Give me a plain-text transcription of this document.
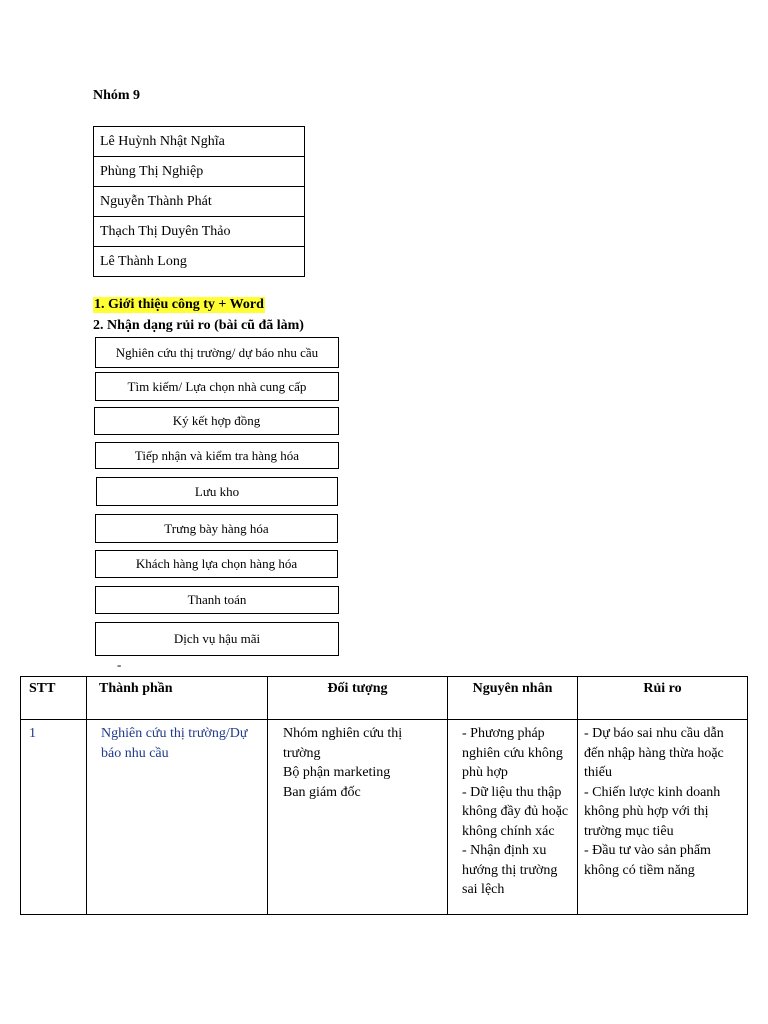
Nhóm 9
Lê Huỳnh Nhật Nghĩa
Phùng Thị Nghiệp
Nguyễn Thành Phát
Thạch Thị Duyên Thảo
Lê Thành Long
1. Giới thiệu công ty + Word
2. Nhận dạng rủi ro (bài cũ đã làm)
Nghiên cứu thị trường/ dự báo nhu cầu
Tìm kiếm/ Lựa chọn nhà cung cấp
Ký kết hợp đồng
Tiếp nhận và kiểm tra hàng hóa
Lưu kho
Trưng bày hàng hóa
Khách hàng lựa chọn hàng hóa
Thanh toán
Dịch vụ hậu mãi
-
STT	Thành phần	Đối tượng	Nguyên nhân	Rủi ro
1	Nghiên cứu thị trường/Dự báo nhu cầu	Nhóm nghiên cứu thị trường
Bộ phận marketing
Ban giám đốc	- Phương pháp nghiên cứu không phù hợp
- Dữ liệu thu thập không đầy đủ hoặc không chính xác
- Nhận định xu hướng thị trường sai lệch	- Dự báo sai nhu cầu dẫn đến nhập hàng thừa hoặc thiếu
- Chiến lược kinh doanh không phù hợp với thị trường mục tiêu
- Đầu tư vào sản phẩm không có tiềm năng
